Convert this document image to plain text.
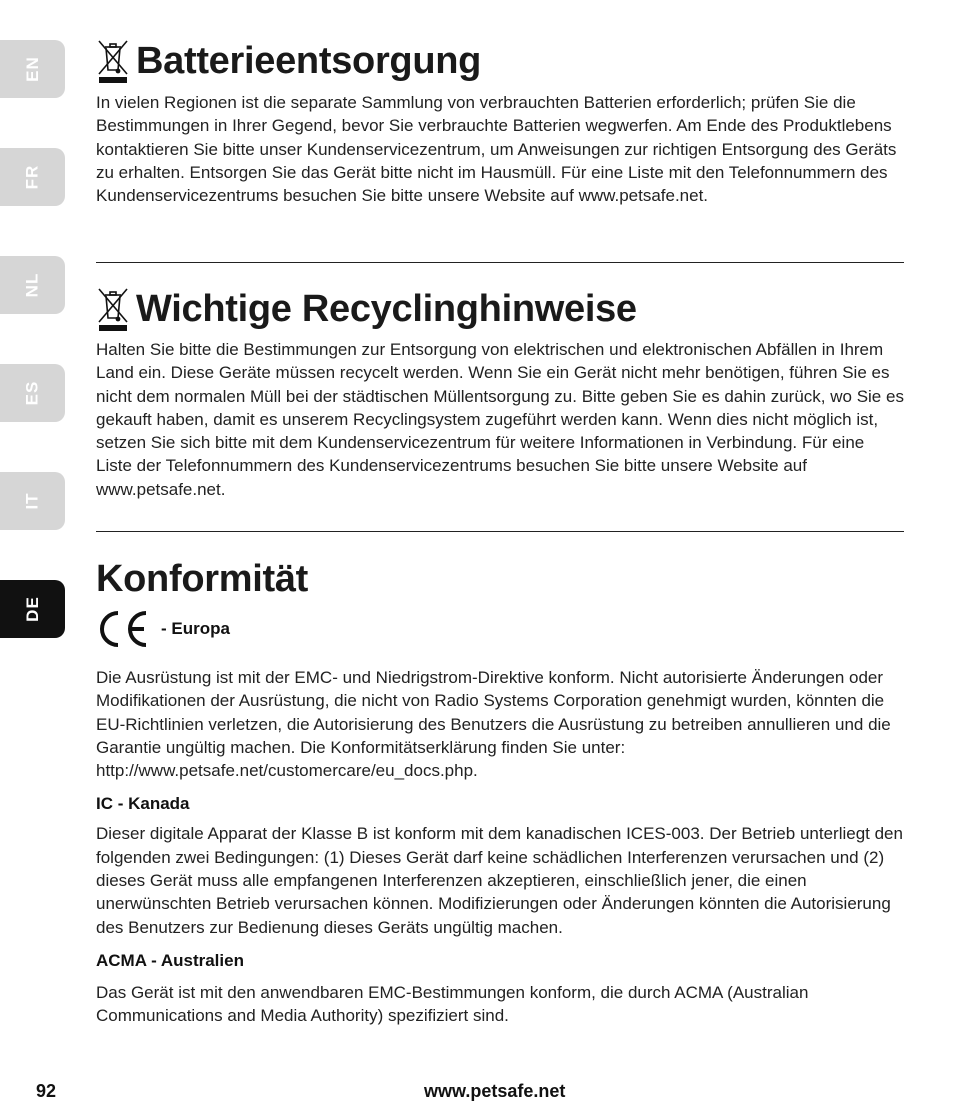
EN
FR
NL
ES
IT
DE
Batterieentsorgung

In vielen Regionen ist die separate Sammlung von verbrauchten Batterien erforderlich; prüfen Sie die Bestimmungen in Ihrer Gegend, bevor Sie verbrauchte Batterien wegwerfen. Am Ende des Produktlebens kontaktieren Sie bitte unser Kundenservicezentrum, um Anweisungen zur richtigen Entsorgung des Geräts zu erhalten. Entsorgen Sie das Gerät bitte nicht im Hausmüll. Für eine Liste mit den Telefonnummern des Kundenservicezentrums besuchen Sie bitte unsere Website auf www.petsafe.net.

Wichtige Recyclinghinweise

Halten Sie bitte die Bestimmungen zur Entsorgung von elektrischen und elektronischen Abfällen in Ihrem Land ein. Diese Geräte müssen recycelt werden. Wenn Sie ein Gerät nicht mehr benötigen, führen Sie es nicht dem normalen Müll bei der städtischen Müllentsorgung zu. Bitte geben Sie es dahin zurück, wo Sie es gekauft haben, damit es unserem Recyclingsystem zugeführt werden kann. Wenn dies nicht möglich ist, setzen Sie sich bitte mit dem Kundenservicezentrum für weitere Informationen in Verbindung. Für eine Liste der Telefonnummern des Kundenservicezentrums besuchen Sie bitte unsere Website auf www.petsafe.net.

Konformität
- Europa

Die Ausrüstung ist mit der EMC- und Niedrigstrom-Direktive konform. Nicht autorisierte Änderungen oder Modifikationen der Ausrüstung, die nicht von Radio Systems Corporation genehmigt wurden, könnten die EU-Richtlinien verletzen, die Autorisierung des Benutzers die Ausrüstung zu betreiben annullieren und die Garantie ungültig machen. Die Konformitätserklärung finden Sie unter: http://www.petsafe.net/customercare/eu_docs.php.

IC - Kanada

Dieser digitale Apparat der Klasse B ist konform mit dem kanadischen ICES-003. Der Betrieb unterliegt den folgenden zwei Bedingungen: (1) Dieses Gerät darf keine schädlichen Interferenzen verursachen und (2) dieses Gerät muss alle empfangenen Interferenzen akzeptieren, einschließlich jener, die einen unerwünschten Betrieb verursachen können. Modifizierungen oder Änderungen könnten die Autorisierung des Benutzers zur Bedienung dieses Geräts ungültig machen.

ACMA - Australien

Das Gerät ist mit den anwendbaren EMC-Bestimmungen konform, die durch ACMA (Australian Communications and Media Authority) spezifiziert sind.

92	www.petsafe.net
